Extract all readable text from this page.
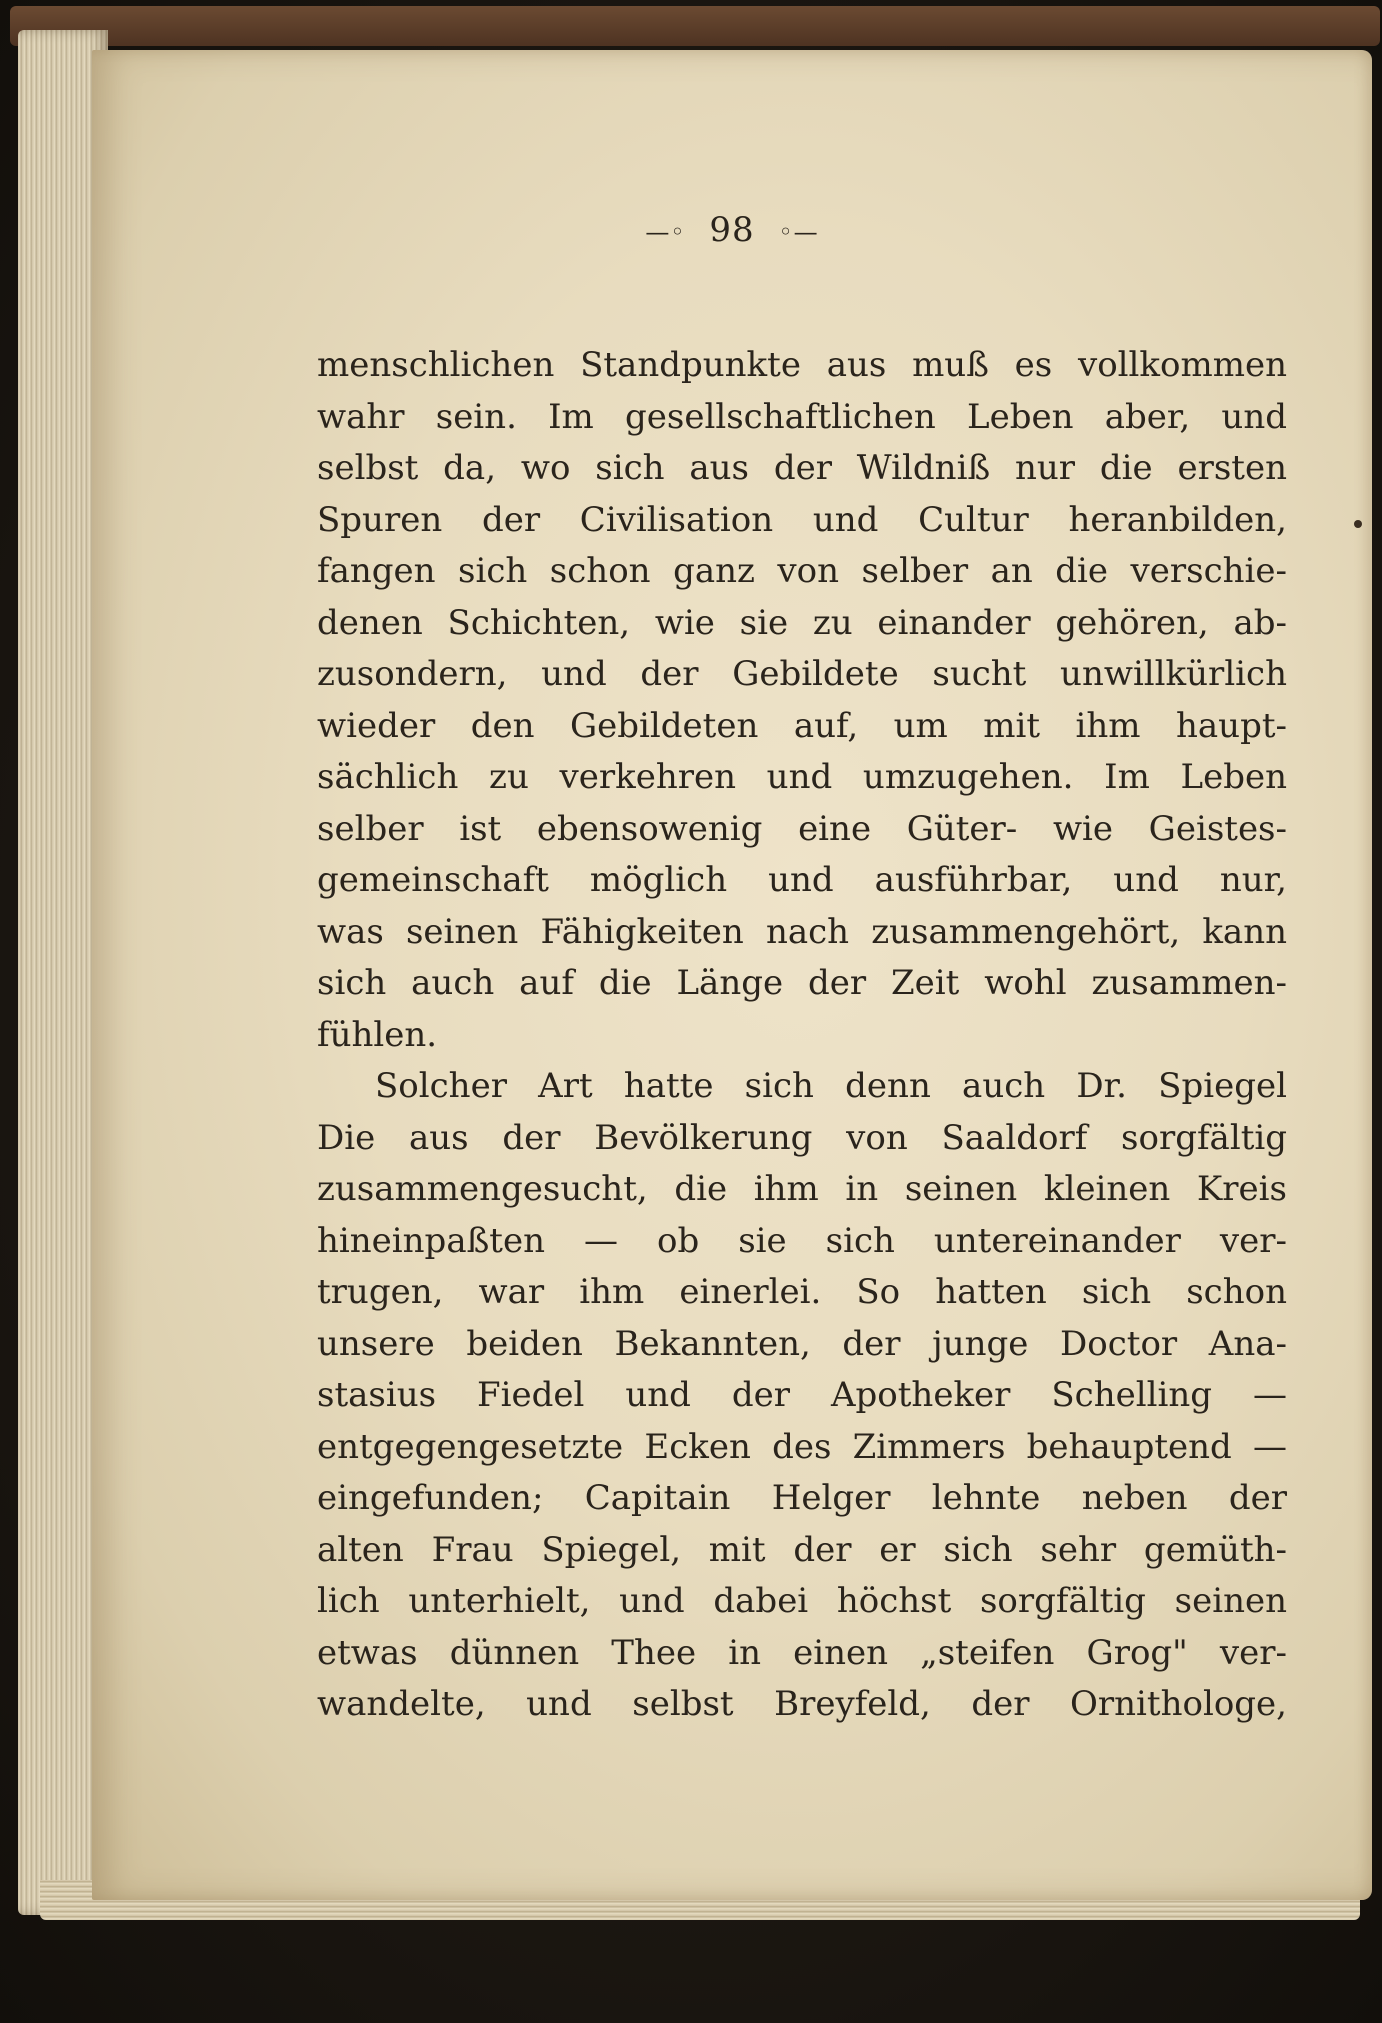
—◦ 98 ◦—
menschlichen Standpunkte aus muß es vollkommen
wahr sein. Im gesellschaftlichen Leben aber, und
selbst da, wo sich aus der Wildniß nur die ersten
Spuren der Civilisation und Cultur heranbilden,
fangen sich schon ganz von selber an die verschie-
denen Schichten, wie sie zu einander gehören, ab-
zusondern, und der Gebildete sucht unwillkürlich
wieder den Gebildeten auf, um mit ihm haupt-
sächlich zu verkehren und umzugehen. Im Leben
selber ist ebensowenig eine Güter- wie Geistes-
gemeinschaft möglich und ausführbar, und nur,
was seinen Fähigkeiten nach zusammengehört, kann
sich auch auf die Länge der Zeit wohl zusammen-
fühlen.
Solcher Art hatte sich denn auch Dr. Spiegel
Die aus der Bevölkerung von Saaldorf sorgfältig
zusammengesucht, die ihm in seinen kleinen Kreis
hineinpaßten — ob sie sich untereinander ver-
trugen, war ihm einerlei. So hatten sich schon
unsere beiden Bekannten, der junge Doctor Ana-
stasius Fiedel und der Apotheker Schelling —
entgegengesetzte Ecken des Zimmers behauptend —
eingefunden; Capitain Helger lehnte neben der
alten Frau Spiegel, mit der er sich sehr gemüth-
lich unterhielt, und dabei höchst sorgfältig seinen
etwas dünnen Thee in einen „steifen Grog" ver-
wandelte, und selbst Breyfeld, der Ornithologe,
